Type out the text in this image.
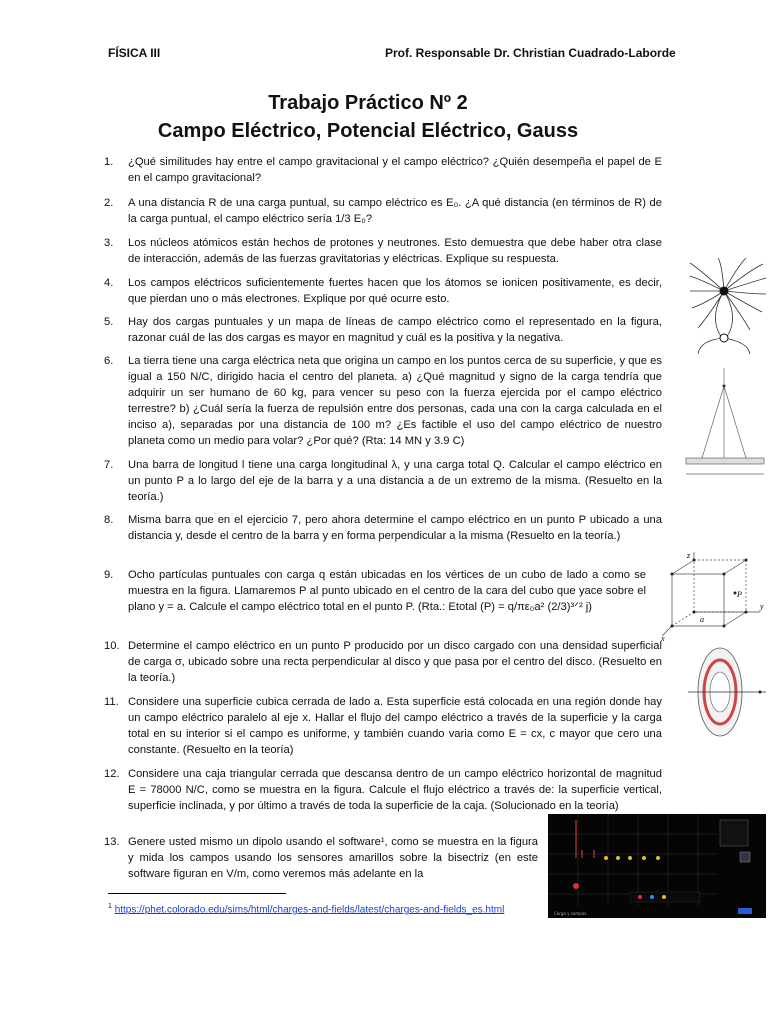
FÍSICA III	Prof. Responsable Dr. Christian Cuadrado-Laborde
Trabajo Práctico Nº 2
Campo Eléctrico, Potencial Eléctrico, Gauss
1. ¿Qué similitudes hay entre el campo gravitacional y el campo eléctrico? ¿Quién desempeña el papel de E en el campo gravitacional?
2. A una distancia R de una carga puntual, su campo eléctrico es E₀. ¿A qué distancia (en términos de R) de la carga puntual, el campo eléctrico sería 1/3 E₀?
3. Los núcleos atómicos están hechos de protones y neutrones. Esto demuestra que debe haber otra clase de interacción, además de las fuerzas gravitatorias y eléctricas. Explique su respuesta.
4. Los campos eléctricos suficientemente fuertes hacen que los átomos se ionicen positivamente, es decir, que pierdan uno o más electrones. Explique por qué ocurre esto.
5. Hay dos cargas puntuales y un mapa de líneas de campo eléctrico como el representado en la figura, razonar cuál de las dos cargas es mayor en magnitud y cuál es la positiva y la negativa.
6. La tierra tiene una carga eléctrica neta que origina un campo en los puntos cerca de su superficie, y que es igual a 150 N/C, dirigido hacia el centro del planeta. a) ¿Qué magnitud y signo de la carga tendría que adquirir un ser humano de 60 kg, para vencer su peso con la fuerza ejercida por el campo eléctrico terrestre? b) ¿Cuál sería la fuerza de repulsión entre dos personas, cada una con la carga calculada en el inciso a), separadas por una distancia de 100 m? ¿Es factible el uso del campo eléctrico de nuestro planeta como un medio para volar? ¿Por qué? (Rta: 14 MN y 3.9 C)
7. Una barra de longitud l tiene una carga longitudinal λ, y una carga total Q. Calcular el campo eléctrico en un punto P a lo largo del eje de la barra y a una distancia a de un extremo de la misma. (Resuelto en la teoría.)
8. Misma barra que en el ejercicio 7, pero ahora determine el campo eléctrico en un punto P ubicado a una distancia y, desde el centro de la barra y en forma perpendicular a la misma (Resuelto en la teoría.)
9. Ocho partículas puntuales con carga q están ubicadas en los vértices de un cubo de lado a como se muestra en la figura. Llamaremos P al punto ubicado en el centro de la cara del cubo que yace sobre el plano y = a. Calcule el campo eléctrico total en el punto P. (Rta.: Etotal (P) = q/πε₀a² (2/3)³ᐟ² j)
10. Determine el campo eléctrico en un punto P producido por un disco cargado con una densidad superficial de carga σ, ubicado sobre una recta perpendicular al disco y que pasa por el centro del disco. (Resuelto en la teoría.)
11. Considere una superficie cubica cerrada de lado a. Esta superficie está colocada en una región donde hay un campo eléctrico paralelo al eje x. Hallar el flujo del campo eléctrico a través de la superficie y la carga total en su interior si el campo es uniforme, y también cuando varia como E = cx, c mayor que cero una constante. (Resuelto en la teoría)
12. Considere una caja triangular cerrada que descansa dentro de un campo eléctrico horizontal de magnitud E = 78000 N/C, como se muestra en la figura. Calcule el flujo eléctrico a través de: la superficie vertical, superficie inclinada, y por último a través de toda la superficie de la caja. (Solucionado en la teoría)
13. Genere usted mismo un dipolo usando el software¹, como se muestra en la figura y mida los campos usando los sensores amarillos sobre la bisectriz (en este software figuran en V/m, como veremos más adelante en la
$^1$ https://phet.colorado.edu/sims/html/charges-and-fields/latest/charges-and-fields_es.html
z
y
x
P
a
Carga y campos
